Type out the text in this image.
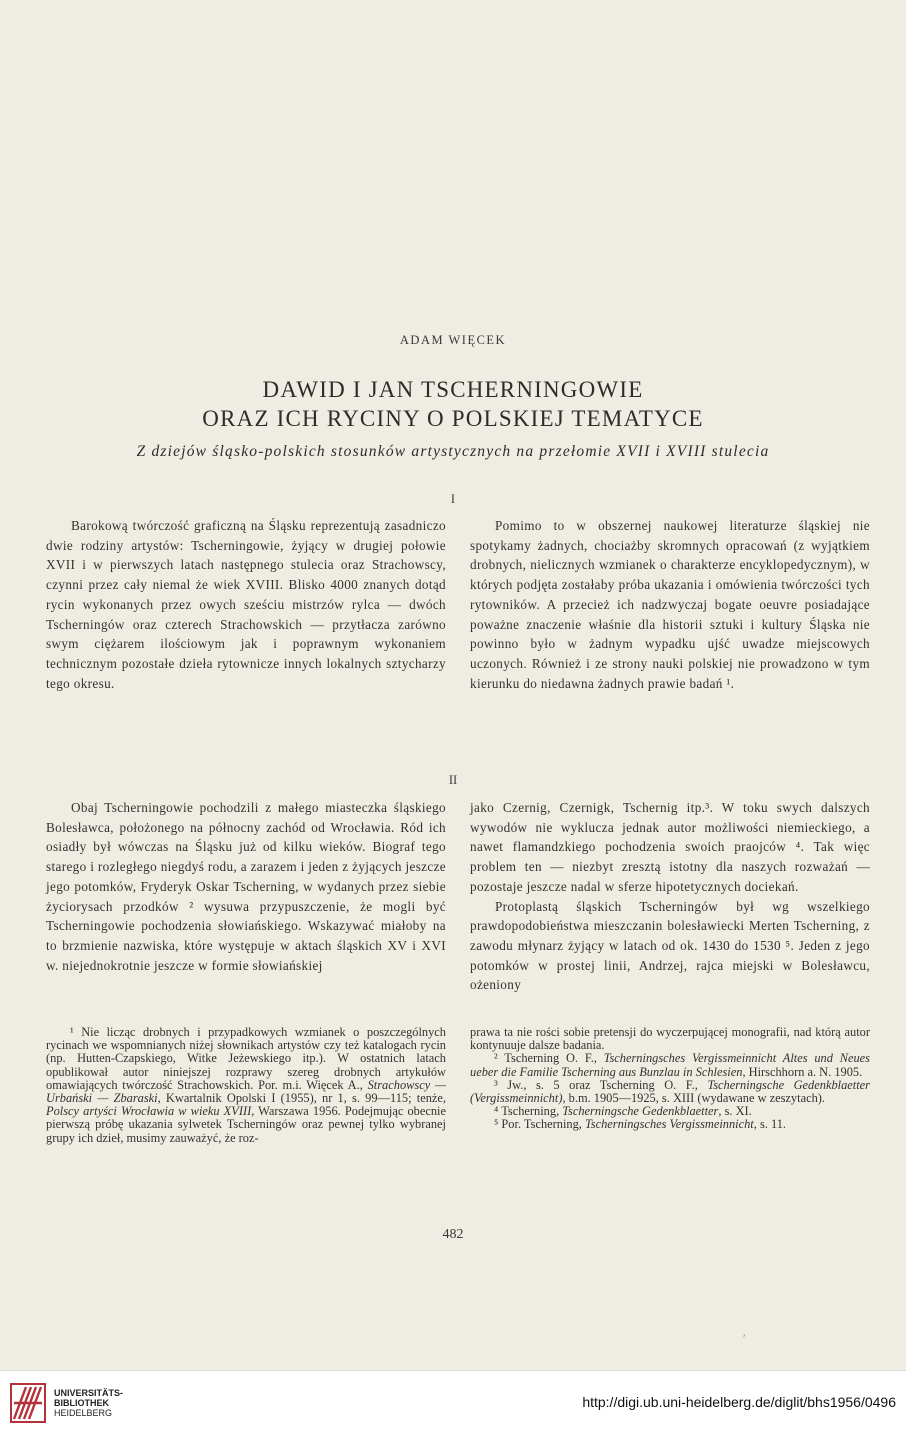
ADAM WIĘCEK
DAWID I JAN TSCHERNINGOWIE
ORAZ ICH RYCINY O POLSKIEJ TEMATYCE
Z dziejów śląsko-polskich stosunków artystycznych na przełomie XVII i XVIII stulecia
I

Barokową twórczość graficzną na Śląsku reprezentują zasadniczo dwie rodziny artystów: Tscherningowie, żyjący w drugiej połowie XVII i w pierwszych latach następnego stulecia oraz Strachowscy, czynni przez cały niemal że wiek XVIII. Blisko 4000 znanych dotąd rycin wykonanych przez owych sześciu mistrzów rylca — dwóch Tscherningów oraz czterech Strachowskich — przytłacza zarówno swym ciężarem ilościowym jak i poprawnym wykonaniem technicznym pozostałe dzieła rytownicze innych lokalnych sztycharzy tego okresu.

Pomimo to w obszernej naukowej literaturze śląskiej nie spotykamy żadnych, chociażby skromnych opracowań (z wyjątkiem drobnych, nielicznych wzmianek o charakterze encyklopedycznym), w których podjęta zostałaby próba ukazania i omówienia twórczości tych rytowników. A przecież ich nadzwyczaj bogate oeuvre posiadające poważne znaczenie właśnie dla historii sztuki i kultury Śląska nie powinno było w żadnym wypadku ujść uwadze miejscowych uczonych. Również i ze strony nauki polskiej nie prowadzono w tym kierunku do niedawna żadnych prawie badań ¹.

II

Obaj Tscherningowie pochodzili z małego miasteczka śląskiego Bolesławca, położonego na północny zachód od Wrocławia. Ród ich osiadły był wówczas na Śląsku już od kilku wieków. Biograf tego starego i rozległego niegdyś rodu, a zarazem i jeden z żyjących jeszcze jego potomków, Fryderyk Oskar Tscherning, w wydanych przez siebie życiorysach przodków ² wysuwa przypuszczenie, że mogli być Tscherningowie pochodzenia słowiańskiego. Wskazywać miałoby na to brzmienie nazwiska, które występuje w aktach śląskich XV i XVI w. niejednokrotnie jeszcze w formie słowiańskiej

jako Czernig, Czernigk, Tschernig itp.³. W toku swych dalszych wywodów nie wyklucza jednak autor możliwości niemieckiego, a nawet flamandzkiego pochodzenia swoich praojców ⁴. Tak więc problem ten — niezbyt zresztą istotny dla naszych rozważań — pozostaje jeszcze nadal w sferze hipotetycznych dociekań.

Protoplastą śląskich Tscherningów był wg wszelkiego prawdopodobieństwa mieszczanin bolesławiecki Merten Tscherning, z zawodu młynarz żyjący w latach od ok. 1430 do 1530 ⁵. Jeden z jego potomków w prostej linii, Andrzej, rajca miejski w Bolesławcu, ożeniony

¹ Nie licząc drobnych i przypadkowych wzmianek o poszczególnych rycinach we wspomnianych niżej słownikach artystów czy też katalogach rycin (np. Hutten-Czapskiego, Witke Jeżewskiego itp.). W ostatnich latach opublikował autor niniejszej rozprawy szereg drobnych artykułów omawiających twórczość Strachowskich. Por. m.i. Więcek A., Strachowscy — Urbański — Zbaraski, Kwartalnik Opolski I (1955), nr 1, s. 99—115; tenże, Polscy artyści Wrocławia w wieku XVIII, Warszawa 1956. Podejmując obecnie pierwszą próbę ukazania sylwetek Tscherningów oraz pewnej tylko wybranej grupy ich dzieł, musimy zauważyć, że roz-

prawa ta nie rości sobie pretensji do wyczerpującej monografii, nad którą autor kontynuuje dalsze badania.

² Tscherning O. F., Tscherningsches Vergissmeinnicht Altes und Neues ueber die Familie Tscherning aus Bunzlau in Schlesien, Hirschhorn a. N. 1905.

³ Jw., s. 5 oraz Tscherning O. F., Tscherningsche Gedenkblaetter (Vergissmeinnicht), b.m. 1905—1925, s. XIII (wydawane w zeszytach).

⁴ Tscherning, Tscherningsche Gedenkblaetter, s. XI.

⁵ Por. Tscherning, Tscherningsches Vergissmeinnicht, s. 11.

482
′
UNIVERSITÄTS-
BIBLIOTHEK
HEIDELBERG
http://digi.ub.uni-heidelberg.de/diglit/bhs1956/0496
